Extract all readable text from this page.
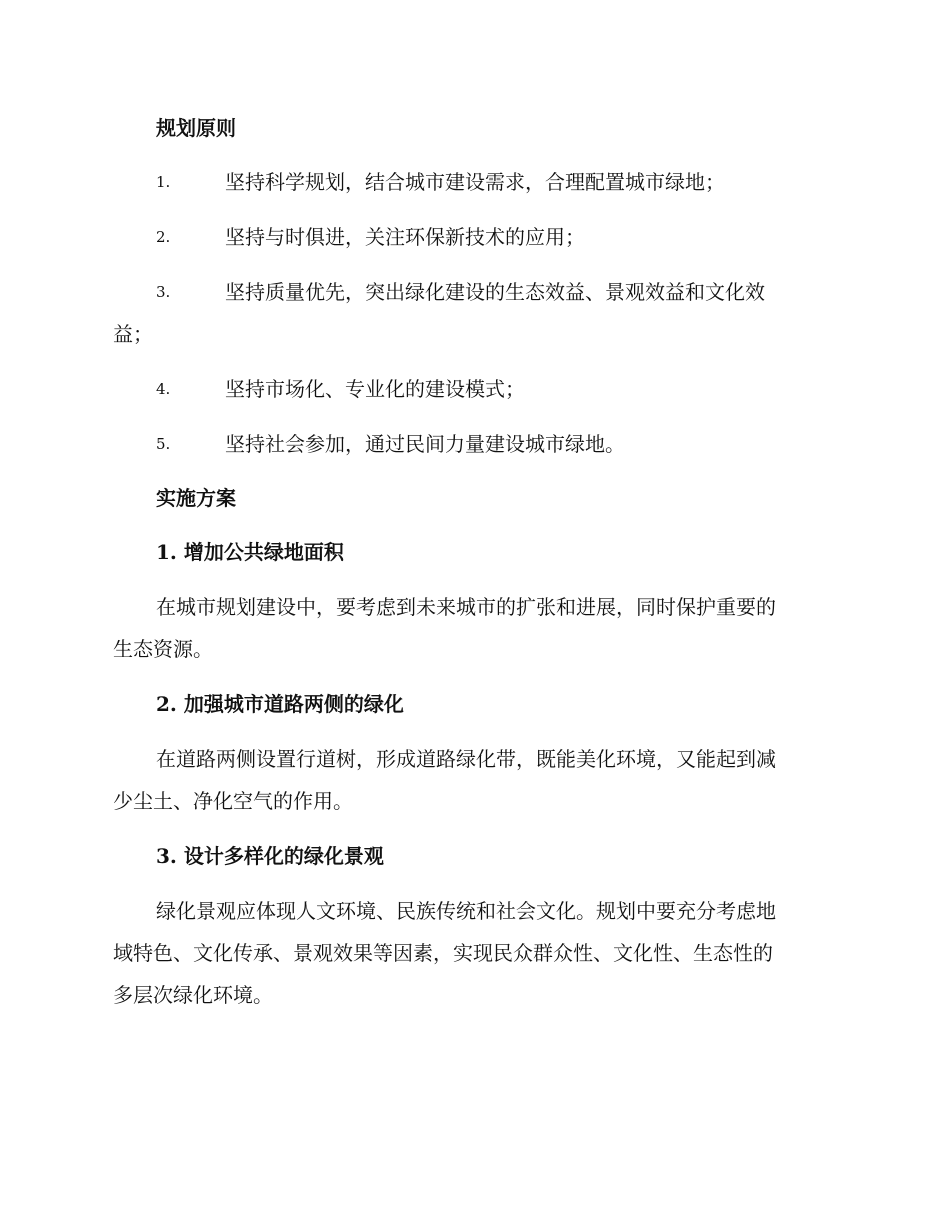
规划原则
1.	坚持科学规划，结合城市建设需求，合理配置城市绿地；
2.	坚持与时俱进，关注环保新技术的应用；
3.	坚持质量优先，突出绿化建设的生态效益、景观效益和文化效
益；
4.	坚持市场化、专业化的建设模式；
5.	坚持社会参加，通过民间力量建设城市绿地。
实施方案
1. 增加公共绿地面积
在城市规划建设中，要考虑到未来城市的扩张和进展，同时保护重要的
生态资源。
2. 加强城市道路两侧的绿化
在道路两侧设置行道树，形成道路绿化带，既能美化环境，又能起到减
少尘土、净化空气的作用。
3. 设计多样化的绿化景观
绿化景观应体现人文环境、民族传统和社会文化。规划中要充分考虑地
域特色、文化传承、景观效果等因素，实现民众群众性、文化性、生态性的
多层次绿化环境。
